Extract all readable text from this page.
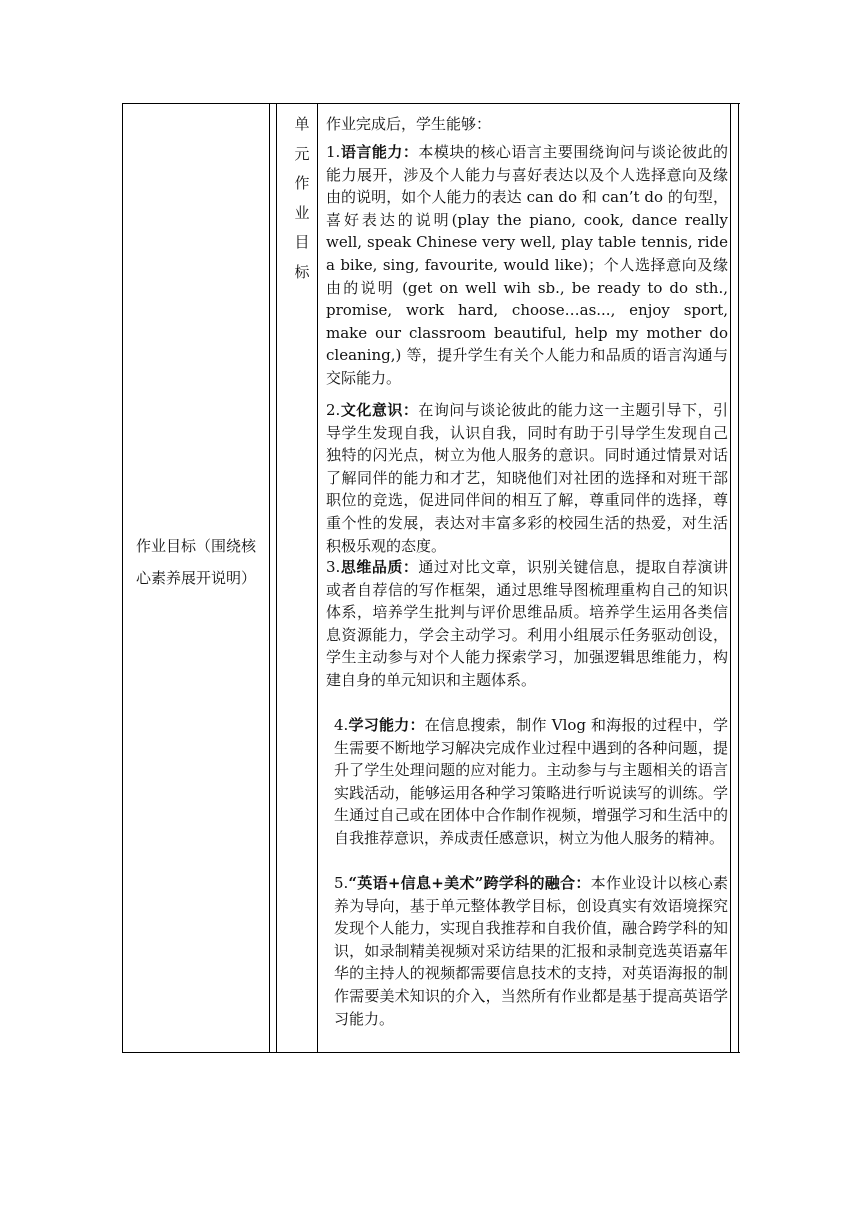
作业目标（围绕核心素养展开说明）
单
元
作
业
目
标

作业完成后，学生能够：

1.语言能力：本模块的核心语言主要围绕询问与谈论彼此的能力展开，涉及个人能力与喜好表达以及个人选择意向及缘由的说明，如个人能力的表达 can do 和 can’t do 的句型，喜好表达的说明(play the piano, cook, dance really well, speak Chinese very well, play table tennis, ride a bike, sing, favourite, would like)；个人选择意向及缘由的说明 (get on well wih sb., be ready to do sth., promise, work hard, choose…as..., enjoy sport, make our classroom beautiful, help my mother do cleaning,) 等，提升学生有关个人能力和品质的语言沟通与交际能力。

2.文化意识：在询问与谈论彼此的能力这一主题引导下，引导学生发现自我，认识自我，同时有助于引导学生发现自己独特的闪光点，树立为他人服务的意识。同时通过情景对话了解同伴的能力和才艺，知晓他们对社团的选择和对班干部职位的竞选，促进同伴间的相互了解，尊重同伴的选择，尊重个性的发展，表达对丰富多彩的校园生活的热爱，对生活积极乐观的态度。

3.思维品质：通过对比文章，识别关键信息，提取自荐演讲或者自荐信的写作框架，通过思维导图梳理重构自己的知识体系，培养学生批判与评价思维品质。培养学生运用各类信息资源能力，学会主动学习。利用小组展示任务驱动创设，学生主动参与对个人能力探索学习，加强逻辑思维能力，构建自身的单元知识和主题体系。

4.学习能力：在信息搜索，制作 Vlog 和海报的过程中，学生需要不断地学习解决完成作业过程中遇到的各种问题，提升了学生处理问题的应对能力。主动参与与主题相关的语言实践活动，能够运用各种学习策略进行听说读写的训练。学生通过自己或在团体中合作制作视频，增强学习和生活中的自我推荐意识，养成责任感意识，树立为他人服务的精神。

5.“英语+信息+美术”跨学科的融合：本作业设计以核心素养为导向，基于单元整体教学目标，创设真实有效语境探究发现个人能力，实现自我推荐和自我价值，融合跨学科的知识，如录制精美视频对采访结果的汇报和录制竞选英语嘉年华的主持人的视频都需要信息技术的支持，对英语海报的制作需要美术知识的介入，当然所有作业都是基于提高英语学习能力。
